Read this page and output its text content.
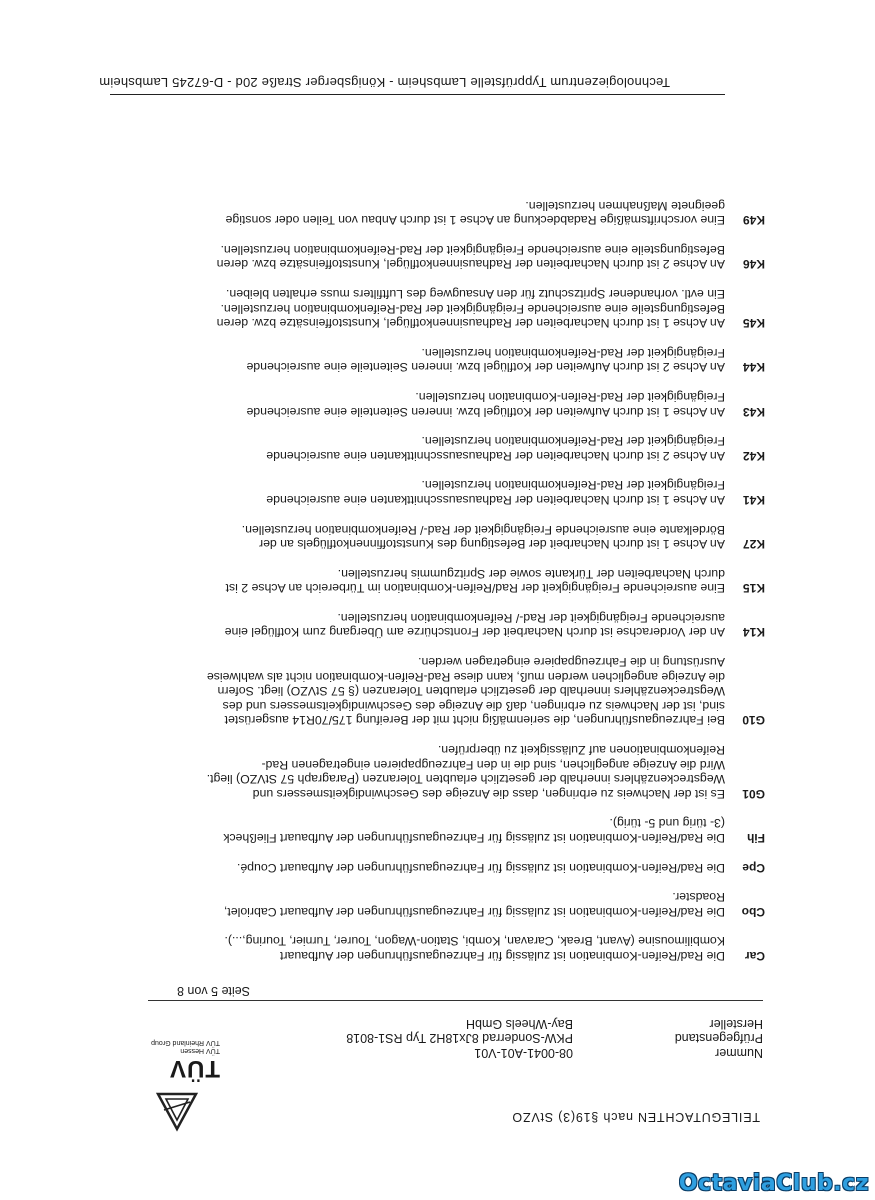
Technologiezentrum Typprüfstelle Lambsheim - Königsberger Straße 20d - D-67245 Lambsheim
TEILEGUTACHTEN nach §19(3) StVZO
TÜV
TÜV Hessen
TÜV Rheinland Group
Nummer
08-0041-A01-V01
Prüfgegenstand
PKW-Sonderrad 8Jx18H2 Typ RS1-8018
Hersteller
Bay-Wheels GmbH
Seite 5 von 8
Car
Die Rad/Reifen-Kombination ist zulässig für Fahrzeugausführungen der Aufbauart Kombilimousine (Avant, Break, Caravan, Kombi, Station-Wagon, Tourer, Turnier, Touring,...).
Cbo
Die Rad/Reifen-Kombination ist zulässig für Fahrzeugausführungen der Aufbauart Cabriolet, Roadster.
Cpe
Die Rad/Reifen-Kombination ist zulässig für Fahrzeugausführungen der Aufbauart Coupé.
Fih
Die Rad/Reifen-Kombination ist zulässig für Fahrzeugausführungen der Aufbauart Fließheck (3- türig und 5- türig).
G01
Es ist der Nachweis zu erbringen, dass die Anzeige des Geschwindigkeitsmessers und Wegstreckenzählers innerhalb der gesetzlich erlaubten Toleranzen (Paragraph 57 StVZO) liegt. Wird die Anzeige angeglichen, sind die in den Fahrzeugpapieren eingetragenen Rad-Reifenkombinationen auf Zulässigkeit zu überprüfen.
G10
Bei Fahrzeugausführungen, die serienmäßig nicht mit der Bereifung 175/70R14 ausgerüstet sind, ist der Nachweis zu erbringen, daß die Anzeige des Geschwindigkeitsmessers und des Wegstreckenzählers innerhalb der gesetzlich erlaubten Toleranzen (§ 57 StVZO) liegt. Sofern die Anzeige angeglichen werden muß, kann diese Rad-Reifen-Kombination nicht als wahlweise Ausrüstung in die Fahrzeugpapiere eingetragen werden.
K14
An der Vorderachse ist durch Nacharbeit der Frontschürze am Übergang zum Kotflügel eine ausreichende Freigängigkeit der Rad-/ Reifenkombination herzustellen.
K15
Eine ausreichende Freigängigkeit der Rad/Reifen-Kombination im Türbereich an Achse 2 ist durch Nacharbeiten der Türkante sowie der Spritzgummis herzustellen.
K27
An Achse 1 ist durch Nacharbeit der Befestigung des Kunststoffinnenkotflügels an der Bördelkante eine ausreichende Freigängigkeit der Rad-/ Reifenkombination herzustellen.
K41
An Achse 1 ist durch Nacharbeiten der Radhausausschnittkanten eine ausreichende Freigängigkeit der Rad-Reifenkombination herzustellen.
K42
An Achse 2 ist durch Nacharbeiten der Radhausausschnittkanten eine ausreichende Freigängigkeit der Rad-Reifenkombination herzustellen.
K43
An Achse 1 ist durch Aufweiten der Kotflügel bzw. inneren Seitenteile eine ausreichende Freigängigkeit der Rad-Reifen-Kombination herzustellen.
K44
An Achse 2 ist durch Aufweiten der Kotflügel bzw. inneren Seitenteile eine ausreichende Freigängigkeit der Rad-Reifenkombination herzustellen.
K45
An Achse 1 ist durch Nacharbeiten der Radhausinnenkotflügel, Kunststoffeinsätze bzw. deren Befestigungsteile eine ausreichende Freigängigkeit der Rad-Reifenkombination herzustellen. Ein evtl. vorhandener Spritzschutz für den Ansaugweg des Luftfilters muss erhalten bleiben.
K46
An Achse 2 ist durch Nacharbeiten der Radhausinnenkotflügel, Kunststoffeinsätze bzw. deren Befestigungsteile eine ausreichende Freigängigkeit der Rad-Reifenkombination herzustellen.
K49
Eine vorschriftsmäßige Radabdeckung an Achse 1 ist durch Anbau von Teilen oder sonstige geeignete Maßnahmen herzustellen.
OctaviaClub.cz
